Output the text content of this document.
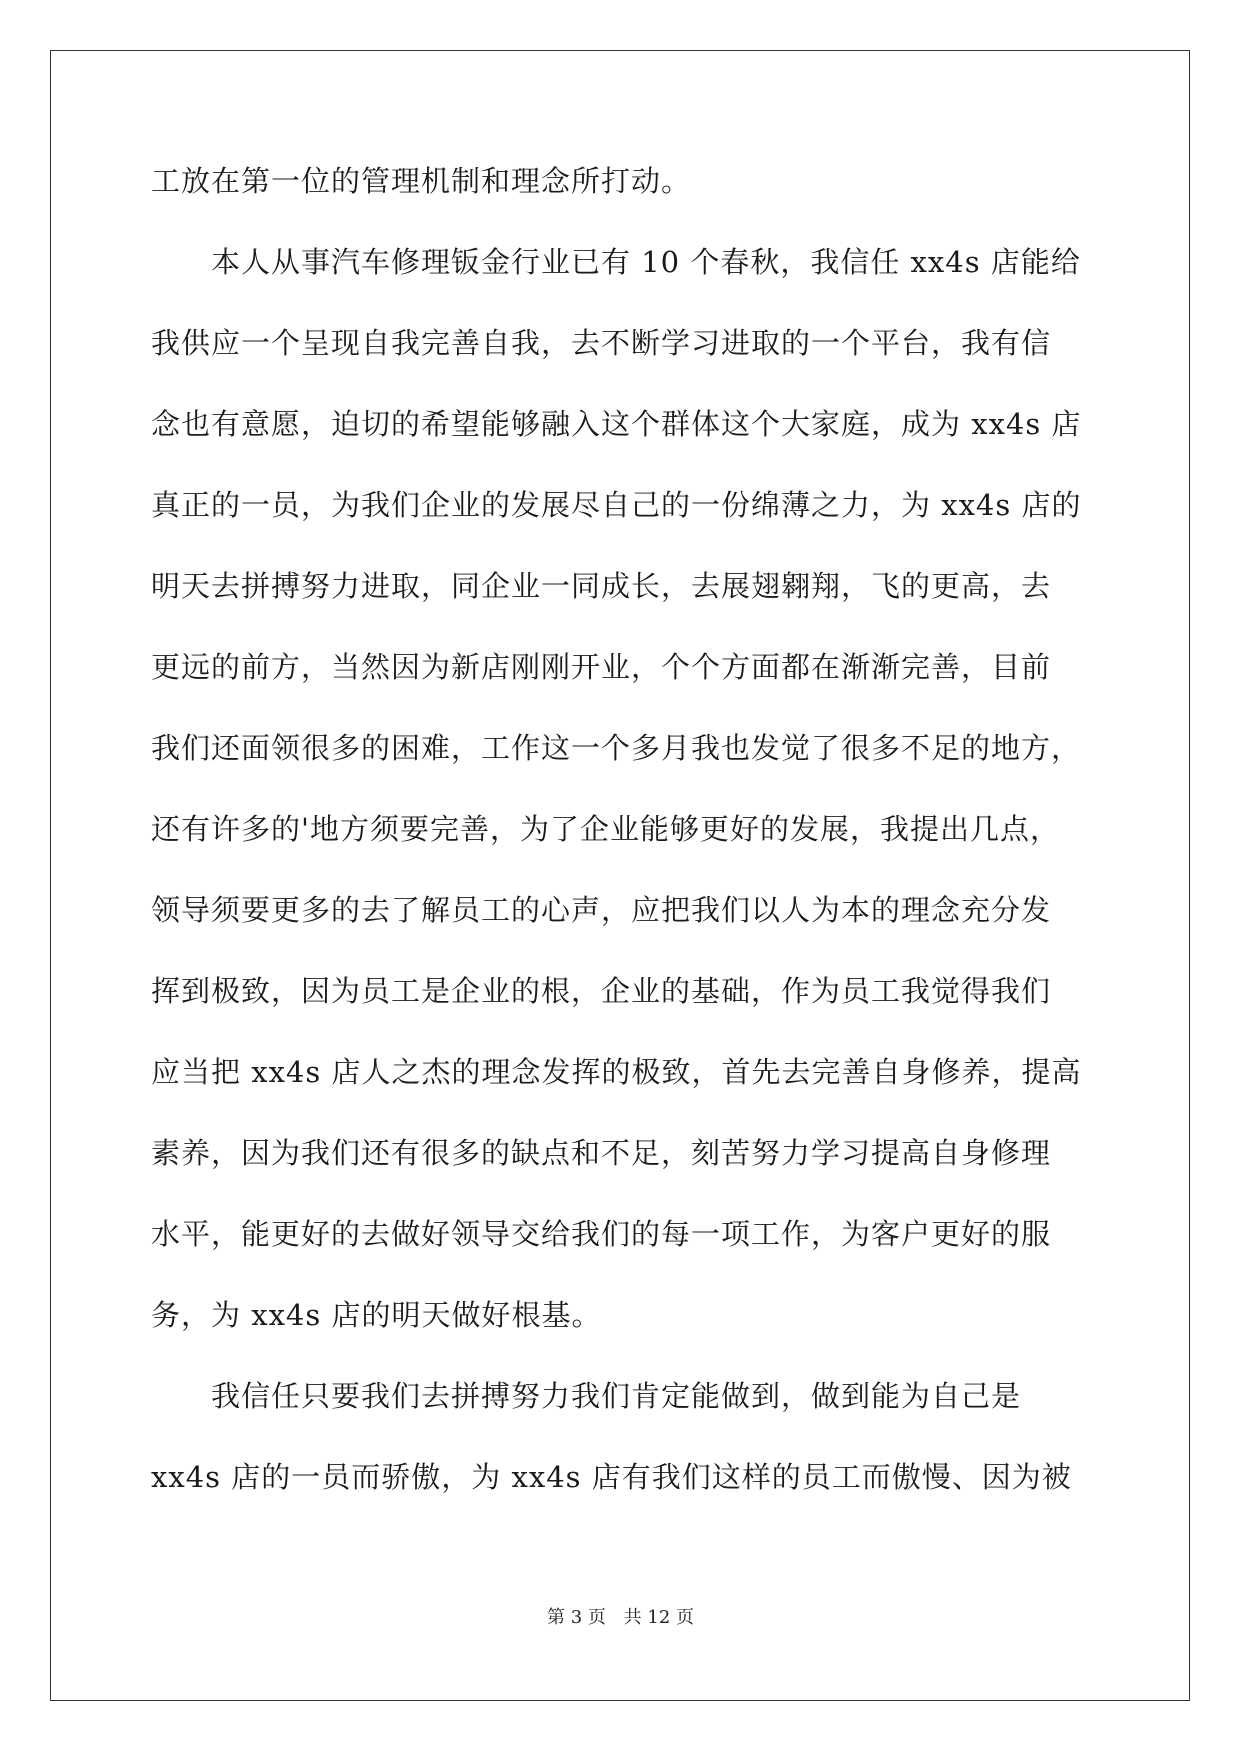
工放在第一位的管理机制和理念所打动。
本人从事汽车修理钣金行业已有 10 个春秋，我信任 xx4s 店能给
我供应一个呈现自我完善自我，去不断学习进取的一个平台，我有信
念也有意愿，迫切的希望能够融入这个群体这个大家庭，成为 xx4s 店
真正的一员，为我们企业的发展尽自己的一份绵薄之力，为 xx4s 店的
明天去拼搏努力进取，同企业一同成长，去展翅翱翔，飞的更高，去
更远的前方，当然因为新店刚刚开业，个个方面都在渐渐完善，目前
我们还面领很多的困难，工作这一个多月我也发觉了很多不足的地方，
还有许多的'地方须要完善，为了企业能够更好的发展，我提出几点，
领导须要更多的去了解员工的心声，应把我们以人为本的理念充分发
挥到极致，因为员工是企业的根，企业的基础，作为员工我觉得我们
应当把 xx4s 店人之杰的理念发挥的极致，首先去完善自身修养，提高
素养，因为我们还有很多的缺点和不足，刻苦努力学习提高自身修理
水平，能更好的去做好领导交给我们的每一项工作，为客户更好的服
务，为 xx4s 店的明天做好根基。
我信任只要我们去拼搏努力我们肯定能做到，做到能为自己是
xx4s 店的一员而骄傲，为 xx4s 店有我们这样的员工而傲慢、因为被
第 3 页 共 12 页
